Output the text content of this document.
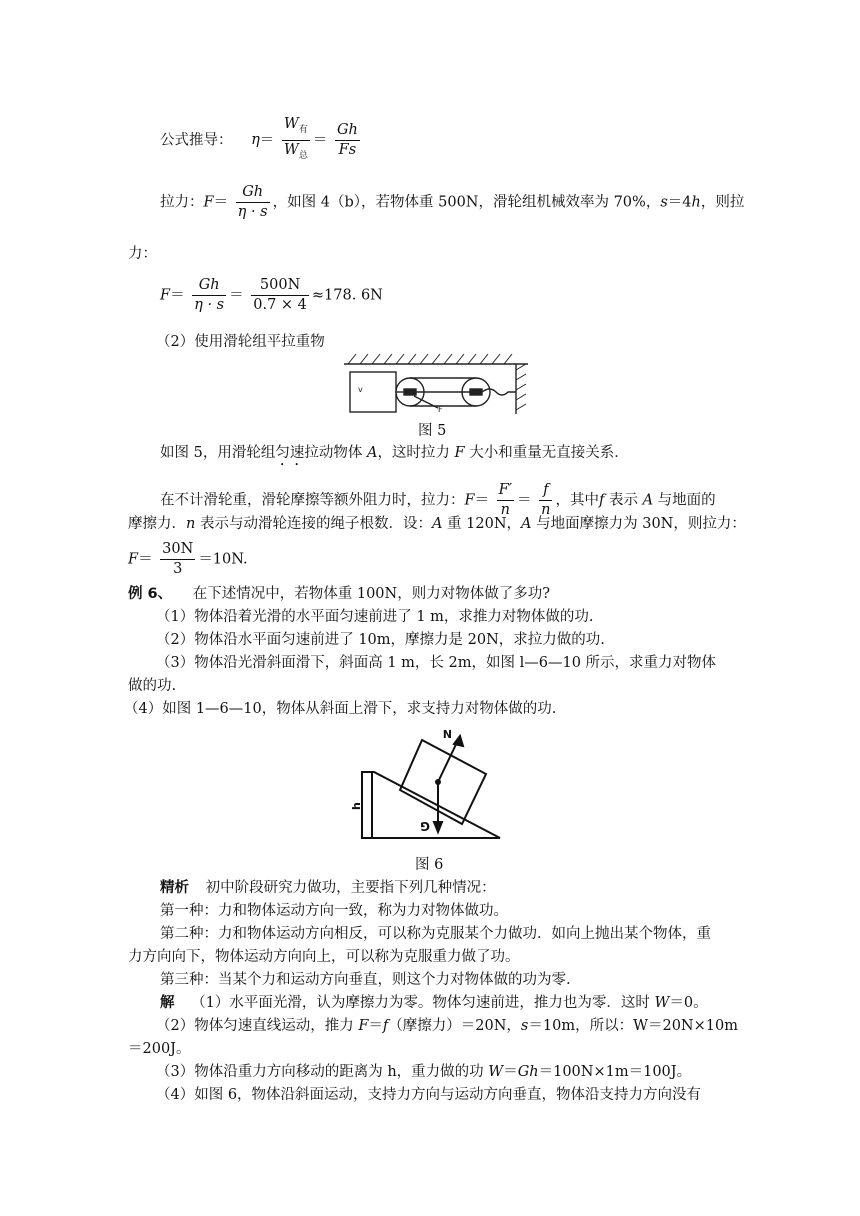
公式推导： $\eta= \frac{W_有}{W_总} = \frac{Gh}{Fs}$
拉力：$F= \frac{Gh}{\eta \cdot s}$ ，如图 4（b），若物体重 500N，滑轮组机械效率为 70%，s＝4h，则拉
力：
$F= \frac{Gh}{\eta \cdot s} = \frac{500N}{0.7 \times 4} \approx 178$. 6N
（2）使用滑轮组平拉重物
v
F
图 5
如图 5，用滑轮组匀速拉动物体 A，这时拉力 F 大小和重量无直接关系．
在不计滑轮重，滑轮摩擦等额外阻力时，拉力：$F= \frac{F'}{n} = \frac{f}{n}$ ，其中f 表示 A 与地面的
摩擦力．n 表示与动滑轮连接的绳子根数．设：A 重 120N，A 与地面摩擦力为 30N，则拉力：
$F= \frac{30N}{3} =10N$.
例 6、 在下述情况中，若物体重 100N，则力对物体做了多功?
（1）物体沿着光滑的水平面匀速前进了 1 m，求推力对物体做的功.
（2）物体沿水平面匀速前进了 10m，摩擦力是 20N，求拉力做的功.
（3）物体沿光滑斜面滑下，斜面高 1 m，长 2m，如图 l—6—10 所示，求重力对物体
做的功.
（4）如图 1—6—10，物体从斜面上滑下，求支持力对物体做的功.
N
G
h
图 6
精析 初中阶段研究力做功，主要指下列几种情况：
第一种：力和物体运动方向一致，称为力对物体做功。
第二种：力和物体运动方向相反，可以称为克服某个力做功．如向上抛出某个物体，重
力方向向下，物体运动方向向上，可以称为克服重力做了功。
第三种：当某个力和运动方向垂直，则这个力对物体做的功为零.
解 （1）水平面光滑，认为摩擦力为零。物体匀速前进，推力也为零．这时 W＝0。
（2）物体匀速直线运动，推力 F＝f（摩擦力）＝20N，s＝10m，所以：W＝20N×10m
＝200J。
（3）物体沿重力方向移动的距离为 h，重力做的功 W＝Gh＝100N×1m＝100J。
（4）如图 6，物体沿斜面运动，支持力方向与运动方向垂直，物体沿支持力方向没有
